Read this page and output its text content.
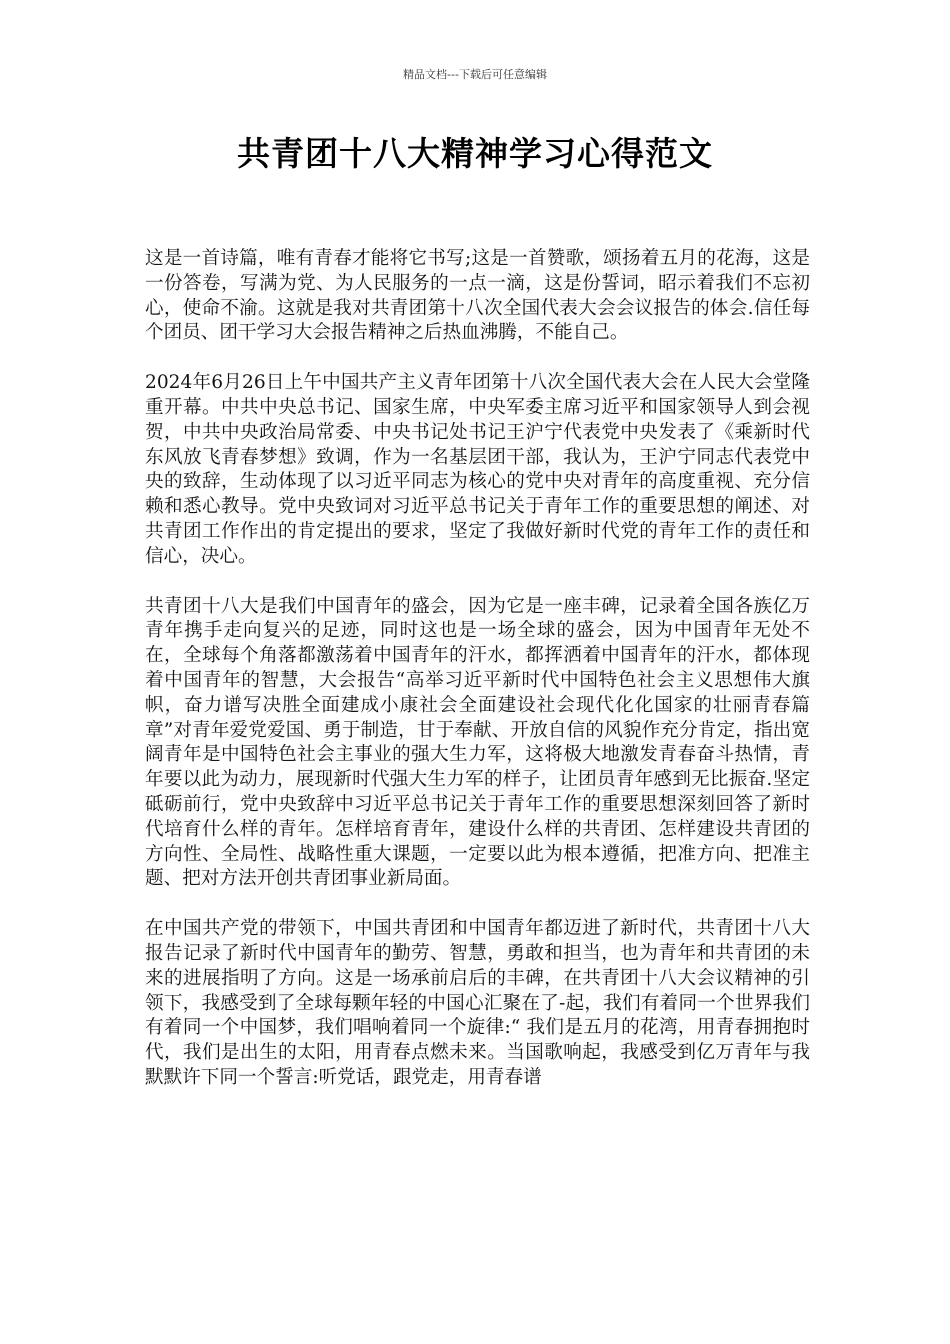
精品文档---下载后可任意编辑
共青团十八大精神学习心得范文

这是一首诗篇，唯有青春才能将它书写;这是一首赞歌，颂扬着五月的花海，这是一份答卷，写满为党、为人民服务的一点一滴，这是份誓词，昭示着我们不忘初心，使命不渝。这就是我对共青团第十八次全国代表大会会议报告的体会.信任每个团员、团干学习大会报告精神之后热血沸腾，不能自己。

2024年6月26日上午中国共产主义青年团第十八次全国代表大会在人民大会堂隆重开幕。中共中央总书记、国家生席，中央军委主席习近平和国家领导人到会视贺，中共中央政治局常委、中央书记处书记王沪宁代表党中央发表了《乘新时代东风放飞青春梦想》致调，作为一名基层团干部，我认为，王沪宁同志代表党中央的致辞，生动体现了以习近平同志为核心的党中央对青年的高度重视、充分信赖和悉心教导。党中央致词对习近平总书记关于青年工作的重要思想的阐述、对共青团工作作出的肯定提出的要求，坚定了我做好新时代党的青年工作的责任和信心，决心。

共青团十八大是我们中国青年的盛会，因为它是一座丰碑，记录着全国各族亿万青年携手走向复兴的足迹，同时这也是一场全球的盛会，因为中国青年无处不在，全球每个角落都激荡着中国青年的汗水，都挥洒着中国青年的汗水，都体现着中国青年的智慧，大会报告“高举习近平新时代中国特色社会主义思想伟大旗帜，奋力谱写决胜全面建成小康社会全面建设社会现代化化国家的壮丽青春篇章”对青年爱党爱国、勇于制造，甘于奉献、开放自信的风貌作充分肯定，指出宽阔青年是中国特色社会主事业的强大生力军，这将极大地激发青春奋斗热情，青年要以此为动力，展现新时代强大生力军的样子，让团员青年感到无比振奋.坚定砥砺前行，党中央致辞中习近平总书记关于青年工作的重要思想深刻回答了新时代培育什么样的青年。怎样培育青年，建设什么样的共青团、怎样建设共青团的方向性、全局性、战略性重大课题，一定要以此为根本遵循，把准方向、把准主题、把对方法开创共青团事业新局面。

在中国共产党的带领下，中国共青团和中国青年都迈进了新时代，共青团十八大报告记录了新时代中国青年的勤劳、智慧，勇敢和担当，也为青年和共青团的未来的进展指明了方向。这是一场承前启后的丰碑，在共青团十八大会议精神的引领下，我感受到了全球每颗年轻的中国心汇聚在了-起，我们有着同一个世界我们有着同一个中国梦，我们唱响着同一个旋律:“ 我们是五月的花湾，用青春拥抱时代，我们是出生的太阳，用青春点燃未来。当国歌响起，我感受到亿万青年与我默默许下同一个誓言:听党话，跟党走，用青春谱
